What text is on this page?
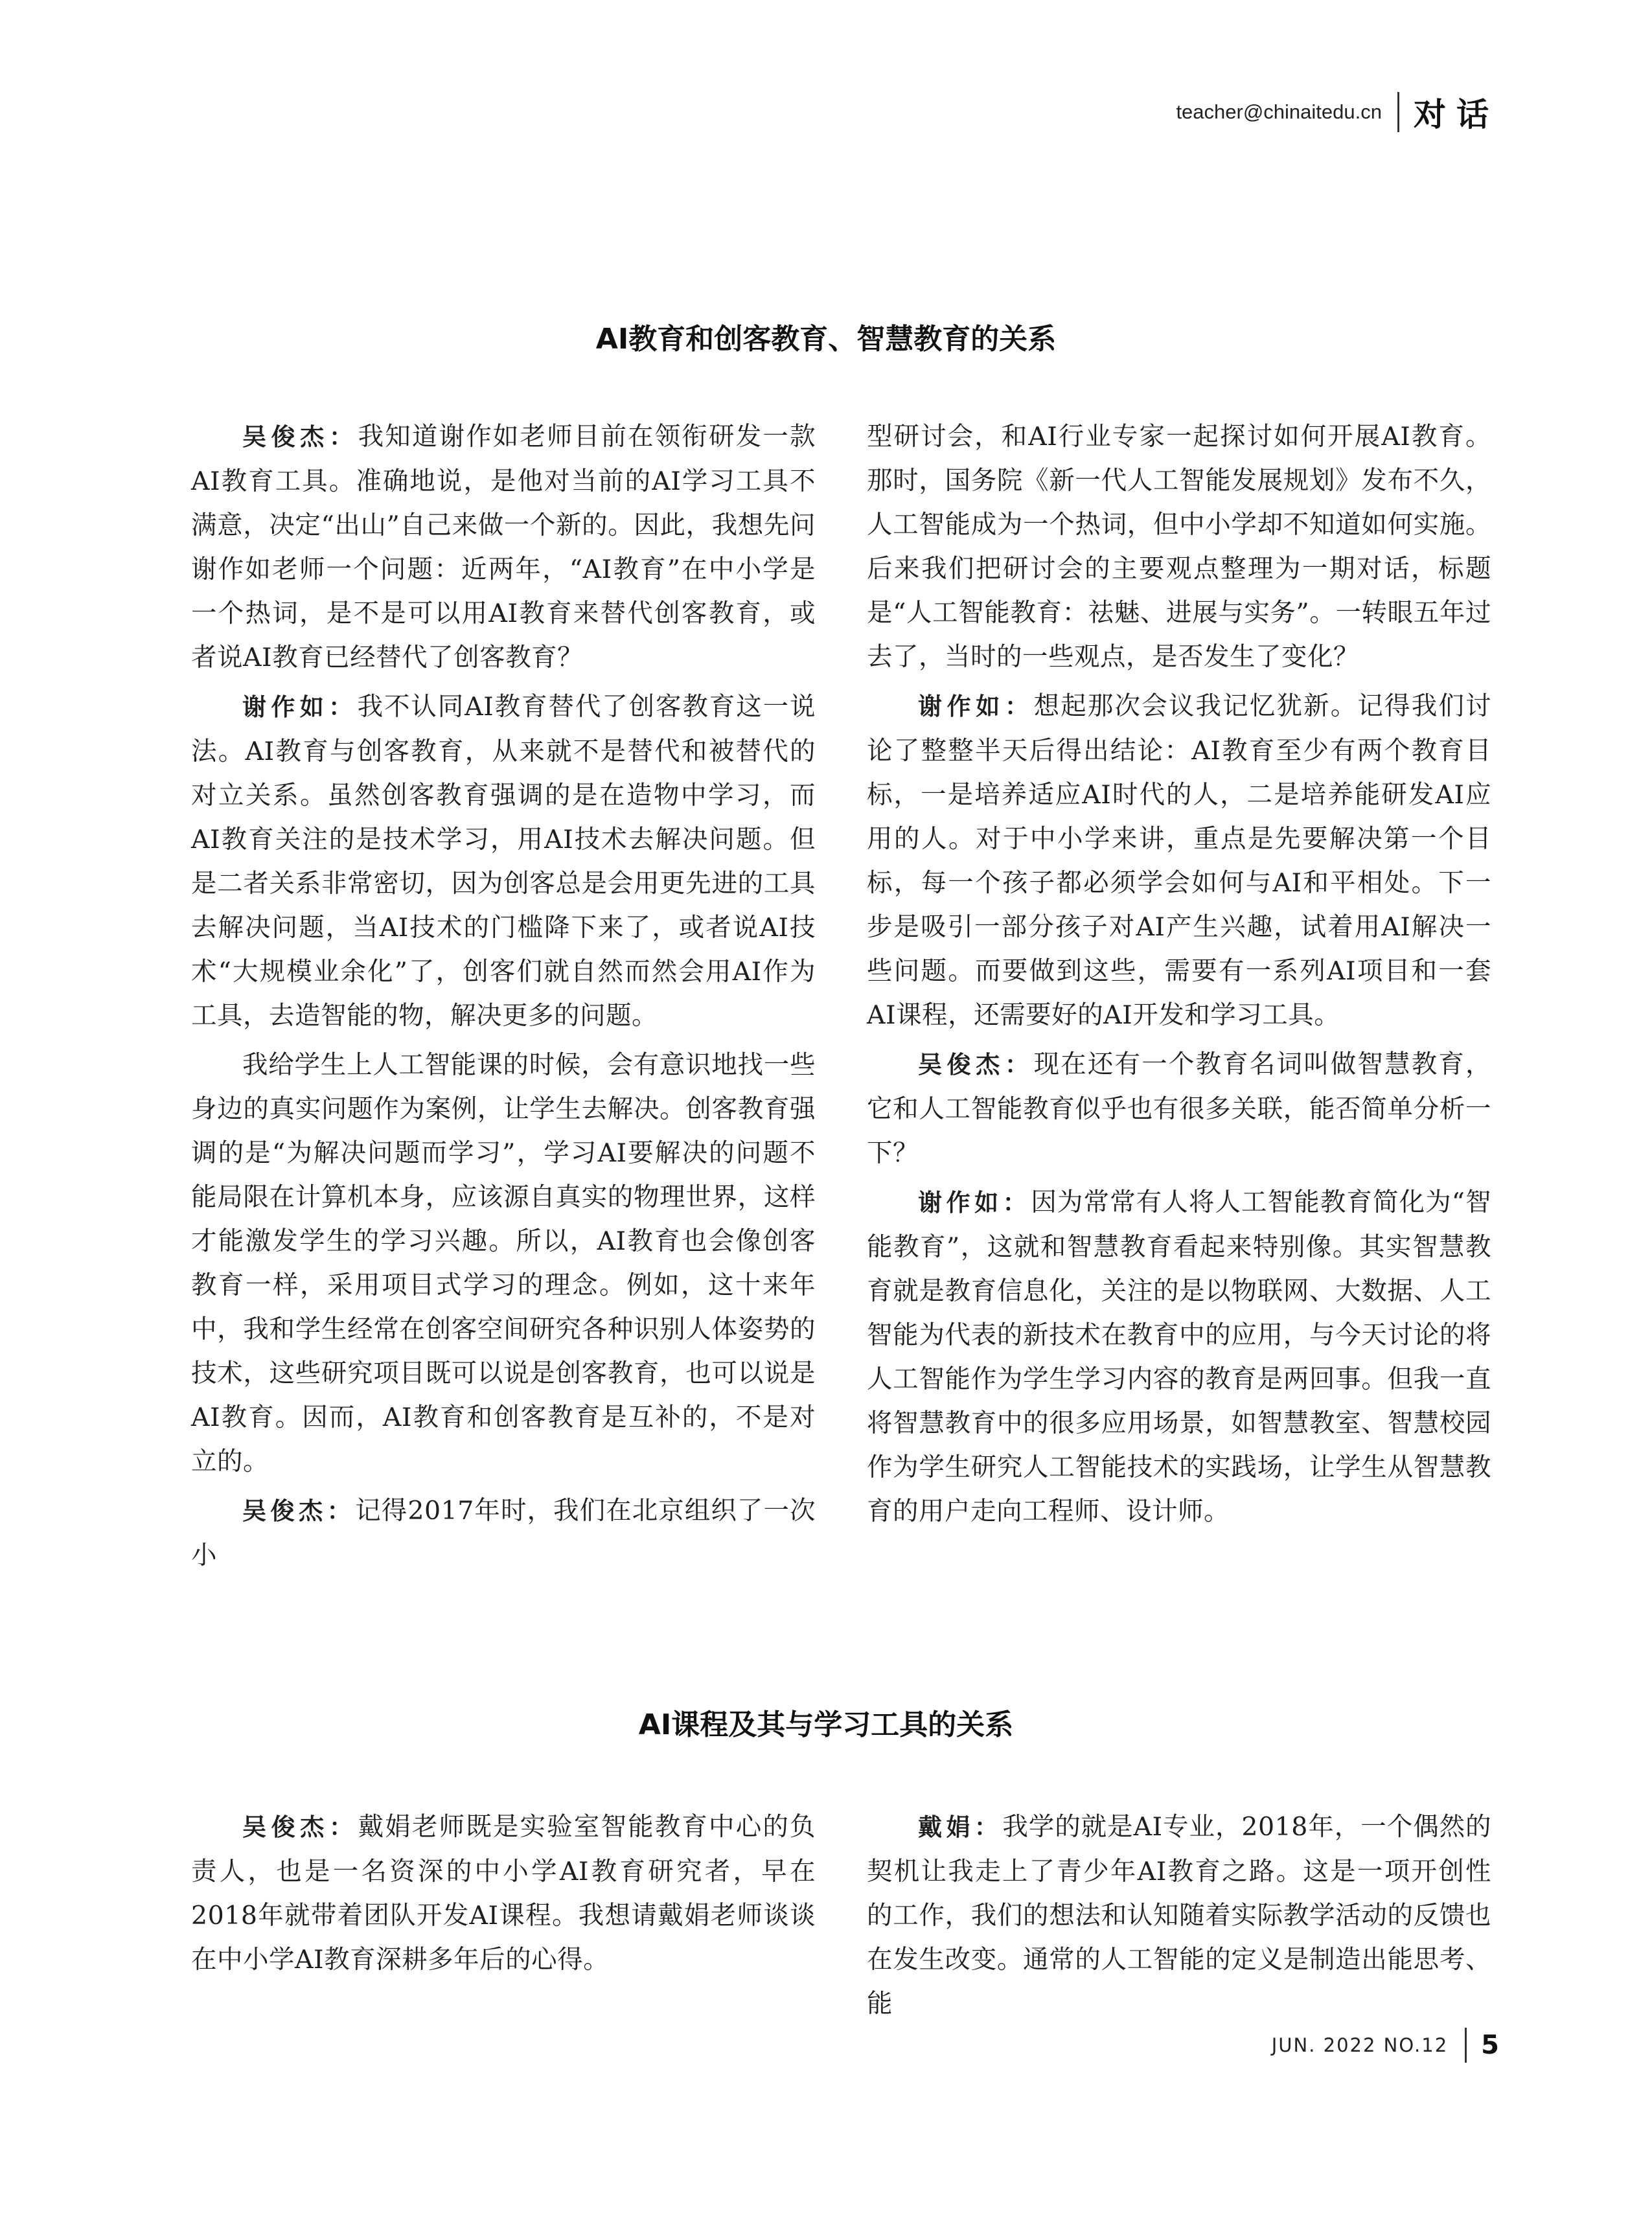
teacher@chinaitedu.cn 对话
AI教育和创客教育、智慧教育的关系

吴俊杰：我知道谢作如老师目前在领衔研发一款AI教育工具。准确地说，是他对当前的AI学习工具不满意，决定“出山”自己来做一个新的。因此，我想先问谢作如老师一个问题：近两年，“AI教育”在中小学是一个热词，是不是可以用AI教育来替代创客教育，或者说AI教育已经替代了创客教育？

谢作如：我不认同AI教育替代了创客教育这一说法。AI教育与创客教育，从来就不是替代和被替代的对立关系。虽然创客教育强调的是在造物中学习，而AI教育关注的是技术学习，用AI技术去解决问题。但是二者关系非常密切，因为创客总是会用更先进的工具去解决问题，当AI技术的门槛降下来了，或者说AI技术“大规模业余化”了，创客们就自然而然会用AI作为工具，去造智能的物，解决更多的问题。

我给学生上人工智能课的时候，会有意识地找一些身边的真实问题作为案例，让学生去解决。创客教育强调的是“为解决问题而学习”，学习AI要解决的问题不能局限在计算机本身，应该源自真实的物理世界，这样才能激发学生的学习兴趣。所以，AI教育也会像创客教育一样，采用项目式学习的理念。例如，这十来年中，我和学生经常在创客空间研究各种识别人体姿势的技术，这些研究项目既可以说是创客教育，也可以说是AI教育。因而，AI教育和创客教育是互补的，不是对立的。

吴俊杰：记得2017年时，我们在北京组织了一次小

型研讨会，和AI行业专家一起探讨如何开展AI教育。那时，国务院《新一代人工智能发展规划》发布不久，人工智能成为一个热词，但中小学却不知道如何实施。后来我们把研讨会的主要观点整理为一期对话，标题是“人工智能教育：祛魅、进展与实务”。一转眼五年过去了，当时的一些观点，是否发生了变化？

谢作如：想起那次会议我记忆犹新。记得我们讨论了整整半天后得出结论：AI教育至少有两个教育目标，一是培养适应AI时代的人，二是培养能研发AI应用的人。对于中小学来讲，重点是先要解决第一个目标，每一个孩子都必须学会如何与AI和平相处。下一步是吸引一部分孩子对AI产生兴趣，试着用AI解决一些问题。而要做到这些，需要有一系列AI项目和一套AI课程，还需要好的AI开发和学习工具。

吴俊杰：现在还有一个教育名词叫做智慧教育，它和人工智能教育似乎也有很多关联，能否简单分析一下？

谢作如：因为常常有人将人工智能教育简化为“智能教育”，这就和智慧教育看起来特别像。其实智慧教育就是教育信息化，关注的是以物联网、大数据、人工智能为代表的新技术在教育中的应用，与今天讨论的将人工智能作为学生学习内容的教育是两回事。但我一直将智慧教育中的很多应用场景，如智慧教室、智慧校园作为学生研究人工智能技术的实践场，让学生从智慧教育的用户走向工程师、设计师。

AI课程及其与学习工具的关系

吴俊杰：戴娟老师既是实验室智能教育中心的负责人，也是一名资深的中小学AI教育研究者，早在2018年就带着团队开发AI课程。我想请戴娟老师谈谈在中小学AI教育深耕多年后的心得。

戴娟：我学的就是AI专业，2018年，一个偶然的契机让我走上了青少年AI教育之路。这是一项开创性的工作，我们的想法和认知随着实际教学活动的反馈也在发生改变。通常的人工智能的定义是制造出能思考、能

JUN. 2022 NO.12 5
